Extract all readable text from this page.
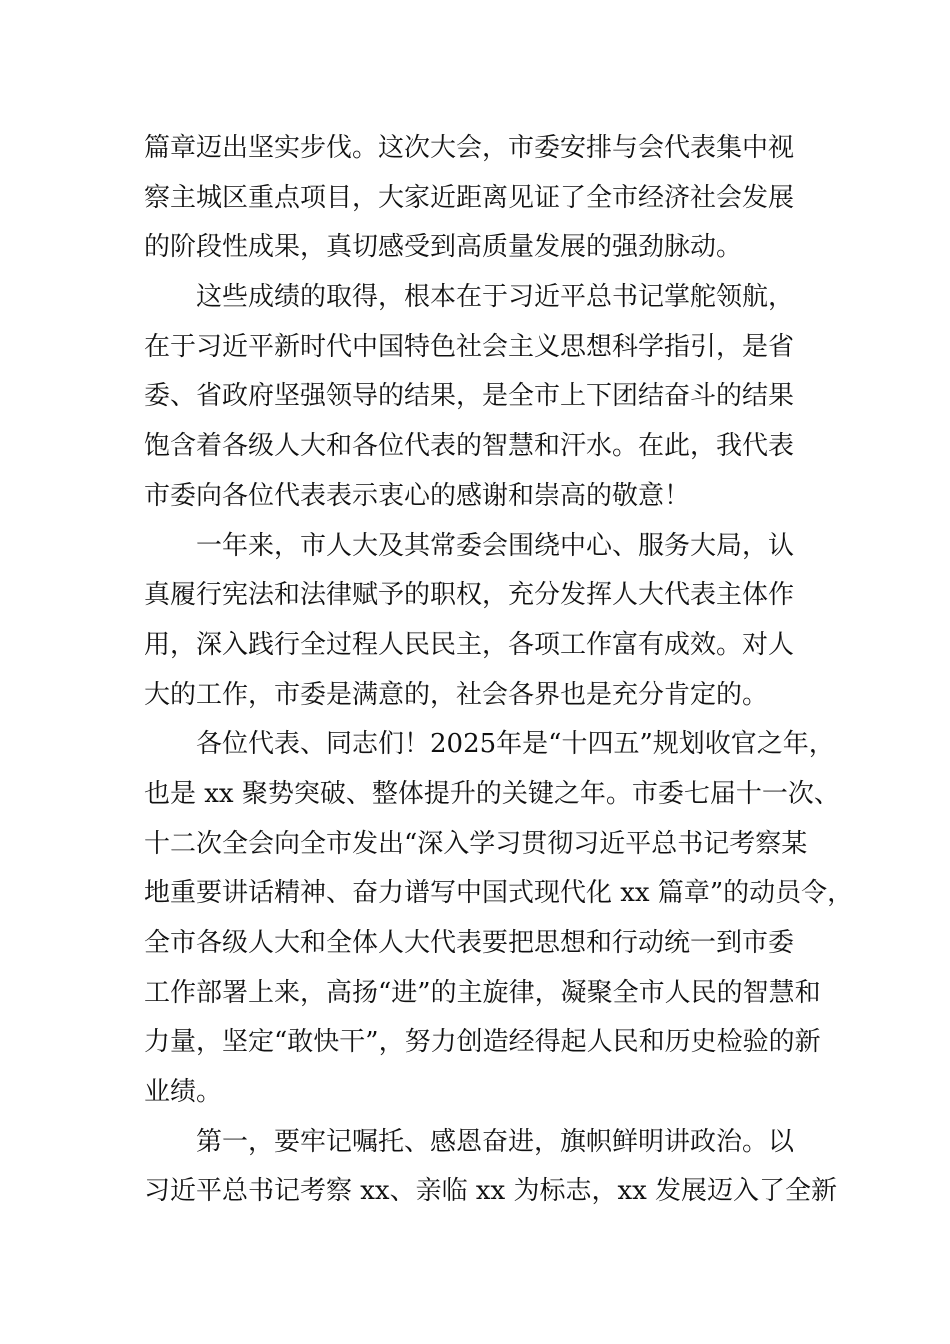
篇章迈出坚实步伐。这次大会，市委安排与会代表集中视
察主城区重点项目，大家近距离见证了全市经济社会发展
的阶段性成果，真切感受到高质量发展的强劲脉动。
这些成绩的取得，根本在于习近平总书记掌舵领航，
在于习近平新时代中国特色社会主义思想科学指引，是省
委、省政府坚强领导的结果，是全市上下团结奋斗的结果
饱含着各级人大和各位代表的智慧和汗水。在此，我代表
市委向各位代表表示衷心的感谢和崇高的敬意！
一年来，市人大及其常委会围绕中心、服务大局，认
真履行宪法和法律赋予的职权，充分发挥人大代表主体作
用，深入践行全过程人民民主，各项工作富有成效。对人
大的工作，市委是满意的，社会各界也是充分肯定的。
各位代表、同志们！2025年是“十四五”规划收官之年，
也是 xx 聚势突破、整体提升的关键之年。市委七届十一次、
十二次全会向全市发出“深入学习贯彻习近平总书记考察某
地重要讲话精神、奋力谱写中国式现代化 xx 篇章”的动员令，
全市各级人大和全体人大代表要把思想和行动统一到市委
工作部署上来，高扬“进”的主旋律，凝聚全市人民的智慧和
力量，坚定“敢快干”，努力创造经得起人民和历史检验的新
业绩。
第一，要牢记嘱托、感恩奋进，旗帜鲜明讲政治。以
习近平总书记考察 xx、亲临 xx 为标志，xx 发展迈入了全新
